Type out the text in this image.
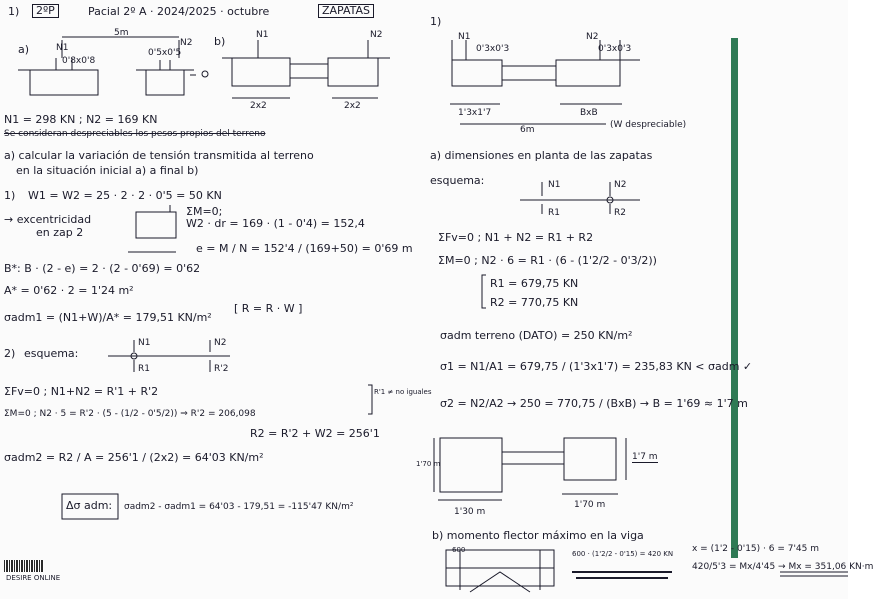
1)	2ºP	Pacial 2º A · 2024/2025 · octubre	ZAPATAS
a)	N1
0'8x0'8
5m
0'5x0'5
N2 b)	N1	N2
2x2	2x2
N1 = 298 KN ; N2 = 169 KN
Se consideran despreciables los pesos propios del terreno
a) calcular la variación de tensión transmitida al terreno
en la situación inicial a) a final b)
1) W1 = W2 = 25 · 2 · 2 · 0'5 = 50 KN
→ excentricidad
en zap 2
ΣM=0;
W2 · dr = 169 · (1 - 0'4) = 152,4
e = M / N = 152'4 / (169+50) = 0'69 m
B*: B · (2 - e) = 2 · (2 - 0'69) = 0'62
A* = 0'62 · 2 = 1'24 m²
σadm1 = (N1+W)/A* = 179,51 KN/m²
[ R = R · W ]
2) esquema:
N1	N2
R1	R'2
ΣFv=0 ; N1+N2 = R'1 + R'2
ΣM=0 ; N2 · 5 = R'2 · (5 - (1/2 - 0'5/2)) ⇒ R'2 = 206,098
R'1 ≠ no iguales
R2 = R'2 + W2 = 256'1
σadm2 = R2 / A = 256'1 / (2x2) = 64'03 KN/m²
Δσ adm: σadm2 - σadm1 = 64'03 - 179,51 = -115'47 KN/m²
DESIRE ONLINE
1)
N1
0'3x0'3
N2
0'3x0'3
1'3x1'7	BxB
6m	(W despreciable)
a) dimensiones en planta de las zapatas
esquema:	N1	N2
R1	R2
ΣFv=0 ; N1 + N2 = R1 + R2
ΣM=0 ; N2 · 6 = R1 · (6 - (1'2/2 - 0'3/2))
R1 = 679,75 KN
R2 = 770,75 KN
σadm terreno (DATO) = 250 KN/m²
σ1 = N1/A1 = 679,75 / (1'3x1'7) = 235,83 KN < σadm ✓
σ2 = N2/A2 → 250 = 770,75 / (BxB) → B = 1'69 ≈ 1'7 m
1'70 m
1'7 m
1'30 m
1'70 m
b) momento flector máximo en la viga
600	600 · (1'2/2 - 0'15) = 420 KN x = (1'2 - 0'15) · 6 = 7'45 m
420/5'3 = Mx/4'45 → Mx = 351,06 KN·m
